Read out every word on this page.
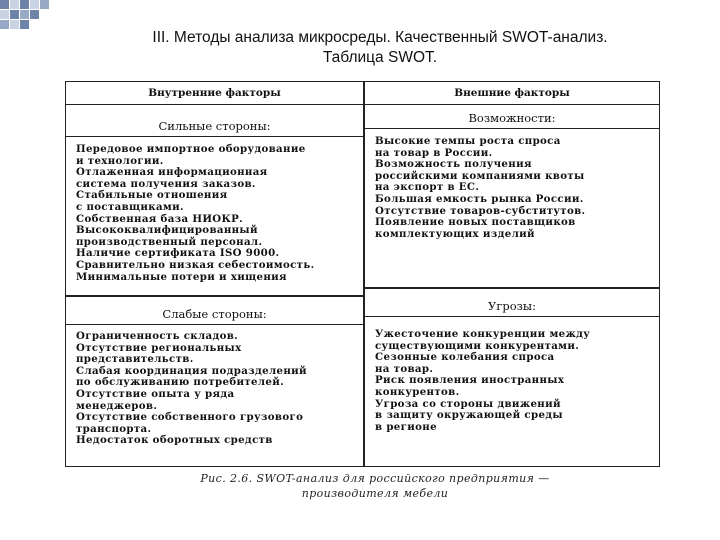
III. Методы анализа микросреды. Качественный SWOT-анализ.
Таблица SWOT.
Внутренние факторы
Сильные стороны:
Передовое импортное оборудование
и технологии.
Отлаженная информационная
система получения заказов.
Стабильные отношения
с поставщиками.
Собственная база НИОКР.
Высококвалифицированный
производственный персонал.
Наличие сертификата ISO 9000.
Сравнительно низкая себестоимость.
Минимальные потери и хищения
Слабые стороны:
Ограниченность складов.
Отсутствие региональных
представительств.
Слабая координация подразделений
по обслуживанию потребителей.
Отсутствие опыта у ряда
менеджеров.
Отсутствие собственного грузового
транспорта.
Недостаток оборотных средств
Внешние факторы
Возможности:
Высокие темпы роста спроса
на товар в России.
Возможность получения
российскими компаниями квоты
на экспорт в ЕС.
Большая емкость рынка России.
Отсутствие товаров-субститутов.
Появление новых поставщиков
комплектующих изделий
Угрозы:
Ужесточение конкуренции между
существующими конкурентами.
Сезонные колебания спроса
на товар.
Риск появления иностранных
конкурентов.
Угроза со стороны движений
в защиту окружающей среды
в регионе
Рис. 2.6. SWOT-анализ для российского предприятия —
производителя мебели
